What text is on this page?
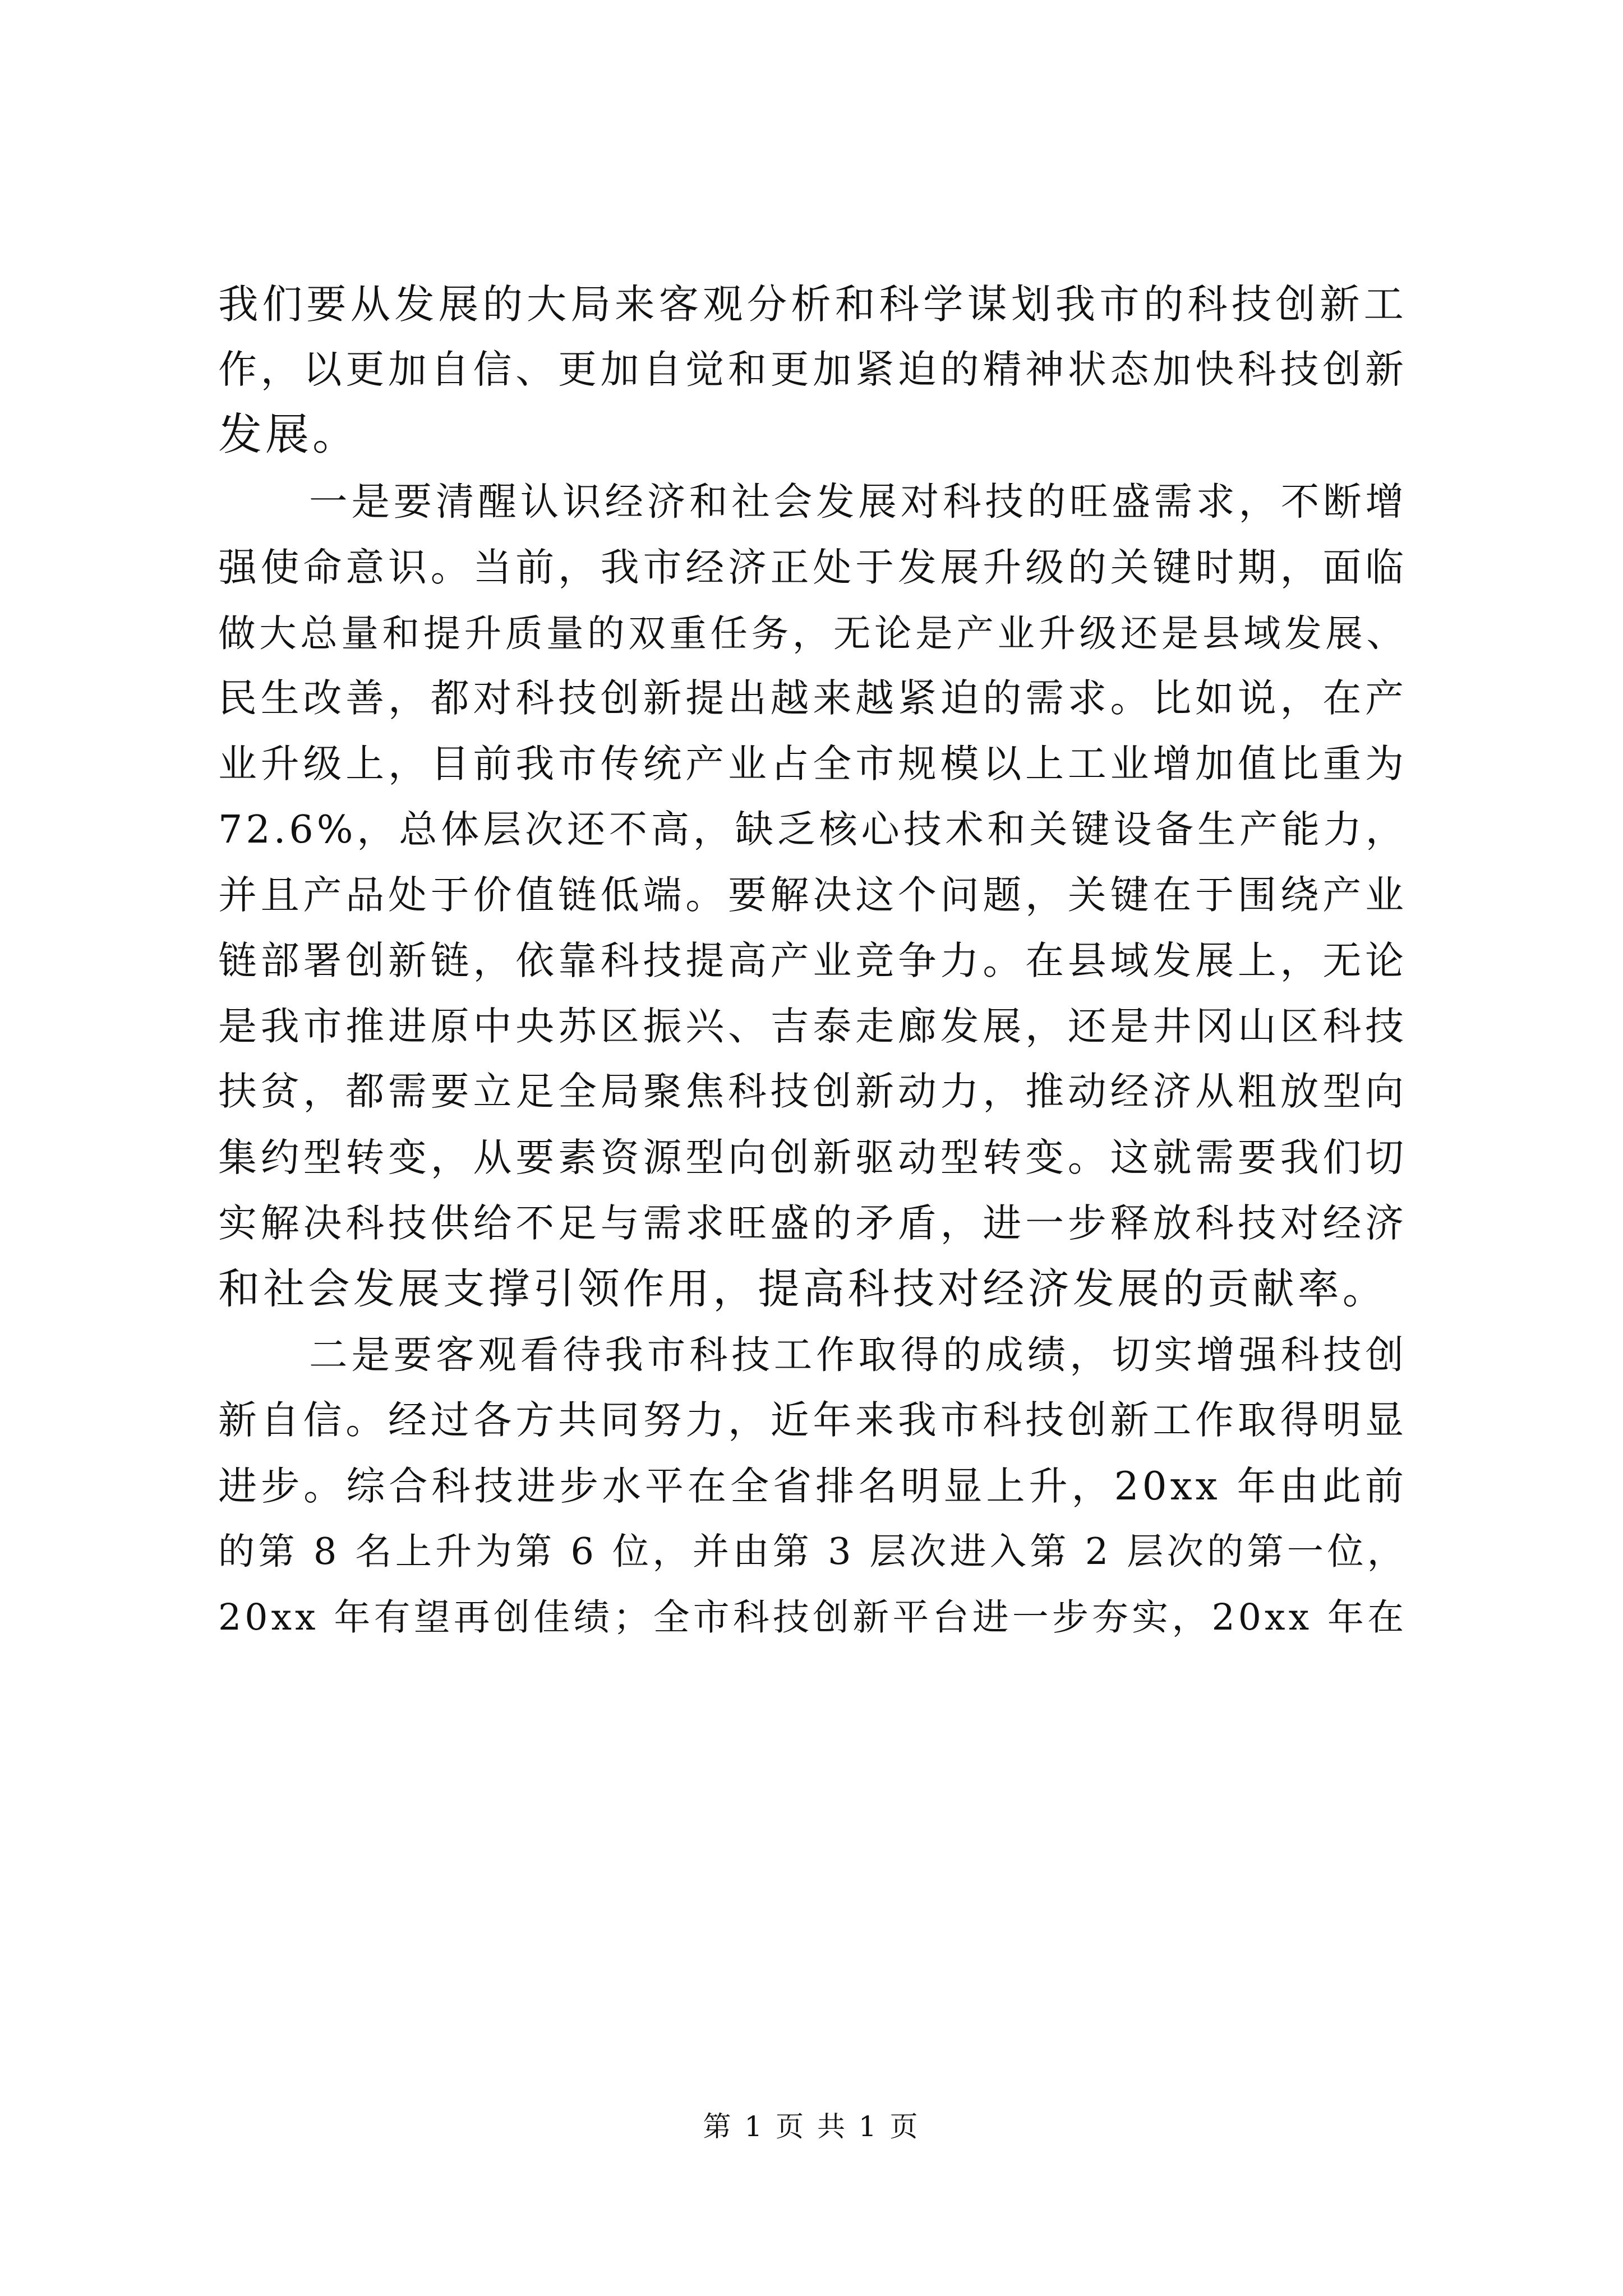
我们要从发展的大局来客观分析和科学谋划我市的科技创新工
作，以更加自信、更加自觉和更加紧迫的精神状态加快科技创新
发展。
一是要清醒认识经济和社会发展对科技的旺盛需求，不断增
强使命意识。当前，我市经济正处于发展升级的关键时期，面临
做大总量和提升质量的双重任务，无论是产业升级还是县域发展、
民生改善，都对科技创新提出越来越紧迫的需求。比如说，在产
业升级上，目前我市传统产业占全市规模以上工业增加值比重为
72.6%，总体层次还不高，缺乏核心技术和关键设备生产能力，
并且产品处于价值链低端。要解决这个问题，关键在于围绕产业
链部署创新链，依靠科技提高产业竞争力。在县域发展上，无论
是我市推进原中央苏区振兴、吉泰走廊发展，还是井冈山区科技
扶贫，都需要立足全局聚焦科技创新动力，推动经济从粗放型向
集约型转变，从要素资源型向创新驱动型转变。这就需要我们切
实解决科技供给不足与需求旺盛的矛盾，进一步释放科技对经济
和社会发展支撑引领作用，提高科技对经济发展的贡献率。
二是要客观看待我市科技工作取得的成绩，切实增强科技创
新自信。经过各方共同努力，近年来我市科技创新工作取得明显
进步。综合科技进步水平在全省排名明显上升，20xx 年由此前
的第 8 名上升为第 6 位，并由第 3 层次进入第 2 层次的第一位，
20xx 年有望再创佳绩；全市科技创新平台进一步夯实，20xx 年在
第 1 页 共 1 页
